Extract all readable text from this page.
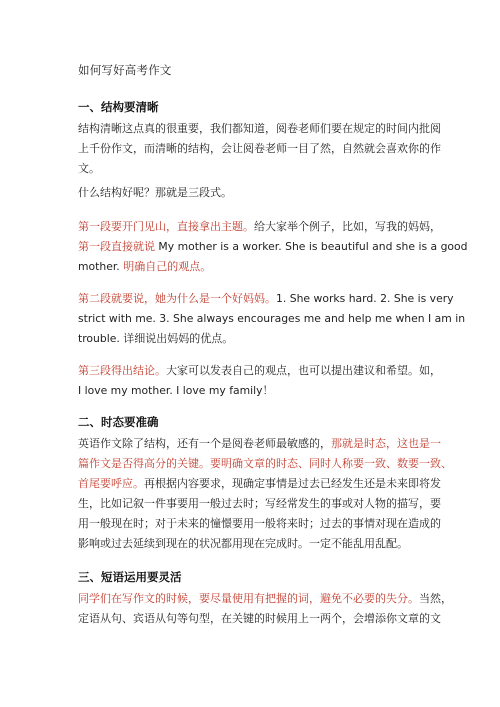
如何写好高考作文
一、结构要清晰
结构清晰这点真的很重要，我们都知道，阅卷老师们要在规定的时间内批阅
上千份作文，而清晰的结构，会让阅卷老师一目了然，自然就会喜欢你的作
文。
什么结构好呢？那就是三段式。
第一段要开门见山，直接拿出主题。给大家举个例子，比如，写我的妈妈，
第一段直接就说 My mother is a worker. She is beautiful and she is a good
mother. 明确自己的观点。
第二段就要说，她为什么是一个好妈妈。1. She works hard. 2. She is very
strict with me. 3. She always encourages me and help me when I am in
trouble. 详细说出妈妈的优点。
第三段得出结论。大家可以发表自己的观点，也可以提出建议和希望。如，
I love my mother. I love my family！
二、时态要准确
英语作文除了结构，还有一个是阅卷老师最敏感的，那就是时态，这也是一
篇作文是否得高分的关键。要明确文章的时态、同时人称要一致、数要一致、
首尾要呼应。再根据内容要求，现确定事情是过去已经发生还是未来即将发
生，比如记叙一件事要用一般过去时；写经常发生的事或对人物的描写，要
用一般现在时；对于未来的憧憬要用一般将来时；过去的事情对现在造成的
影响或过去延续到现在的状况都用现在完成时。一定不能乱用乱配。
三、短语运用要灵活
同学们在写作文的时候，要尽量使用有把握的词，避免不必要的失分。当然，
定语从句、宾语从句等句型，在关键的时候用上一两个，会增添你文章的文
